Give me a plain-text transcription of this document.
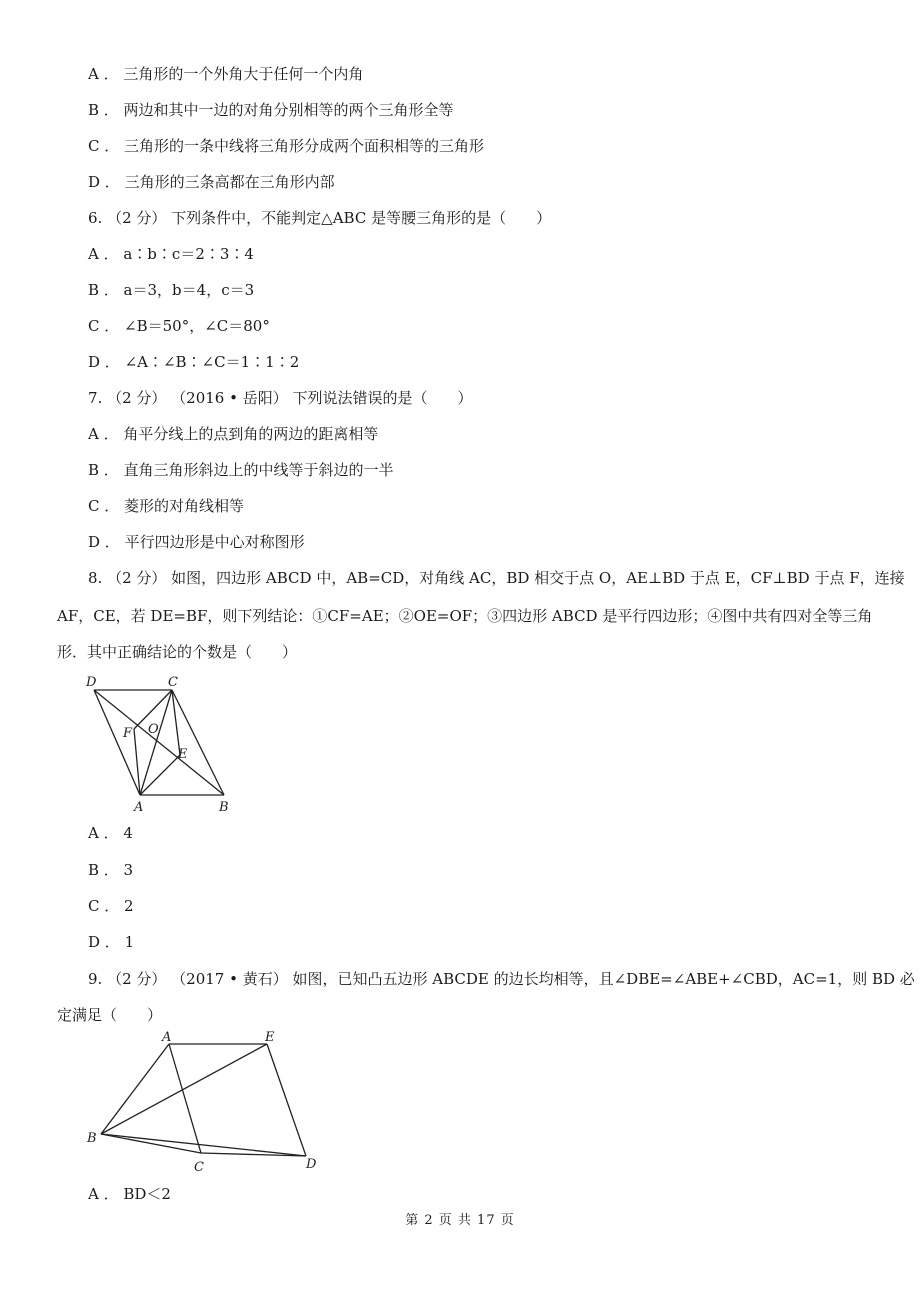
A ． 三角形的一个外角大于任何一个内角
B ． 两边和其中一边的对角分别相等的两个三角形全等
C ． 三角形的一条中线将三角形分成两个面积相等的三角形
D ． 三角形的三条高都在三角形内部
6. （2 分） 下列条件中，不能判定△ABC 是等腰三角形的是（　　）
A ． a∶b∶c＝2∶3∶4
B ． a＝3，b＝4，c＝3
C ． ∠B＝50°，∠C＝80°
D ． ∠A∶∠B∶∠C＝1∶1∶2
7. （2 分） （2016 • 岳阳） 下列说法错误的是（　　）
A ． 角平分线上的点到角的两边的距离相等
B ． 直角三角形斜边上的中线等于斜边的一半
C ． 菱形的对角线相等
D ． 平行四边形是中心对称图形
8. （2 分） 如图，四边形 ABCD 中，AB=CD，对角线 AC，BD 相交于点 O，AE⊥BD 于点 E，CF⊥BD 于点 F，连接
AF，CE，若 DE=BF，则下列结论：①CF=AE；②OE=OF；③四边形 ABCD 是平行四边形；④图中共有四对全等三角
形．其中正确结论的个数是（　　）
D	C
F O
E
A	B
A ． 4
B ． 3
C ． 2
D ． 1
9. （2 分） （2017 • 黄石） 如图，已知凸五边形 ABCDE 的边长均相等，且∠DBE=∠ABE+∠CBD，AC=1，则 BD 必
定满足（　　）
A	E
B
C	D
A ． BD＜2
第 2 页 共 17 页
